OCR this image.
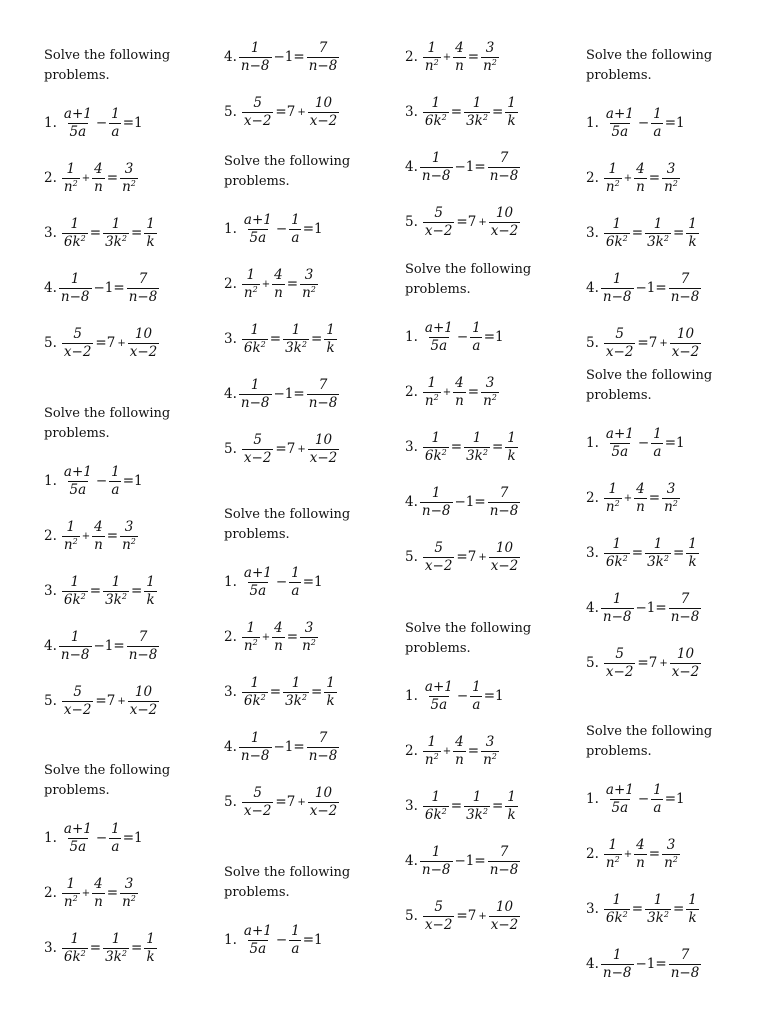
Solve the following
problems.
1. $\frac{a+1}{5a} - \frac{1}{a} =1$
2. $\frac{1}{n^2} + \frac{4}{n} = \frac{3}{n^2}$
3. $\frac{1}{6k^2} = \frac{1}{3k^2} = \frac{1}{k}$
4. $\frac{1}{n-8} -1= \frac{7}{n-8}$
5. $\frac{5}{x-2} =7 + \frac{10}{x-2}$
Solve the following
problems.
1. $\frac{a+1}{5a} - \frac{1}{a} =1$
2. $\frac{1}{n^2} + \frac{4}{n} = \frac{3}{n^2}$
3. $\frac{1}{6k^2} = \frac{1}{3k^2} = \frac{1}{k}$
4. $\frac{1}{n-8} -1= \frac{7}{n-8}$
5. $\frac{5}{x-2} =7 + \frac{10}{x-2}$
Solve the following
problems.
1. $\frac{a+1}{5a} - \frac{1}{a} =1$
2. $\frac{1}{n^2} + \frac{4}{n} = \frac{3}{n^2}$
3. $\frac{1}{6k^2} = \frac{1}{3k^2} = \frac{1}{k}$
4. $\frac{1}{n-8} -1= \frac{7}{n-8}$
5. $\frac{5}{x-2} =7 + \frac{10}{x-2}$
Solve the following
problems.
1. $\frac{a+1}{5a} - \frac{1}{a} =1$
2. $\frac{1}{n^2} + \frac{4}{n} = \frac{3}{n^2}$
3. $\frac{1}{6k^2} = \frac{1}{3k^2} = \frac{1}{k}$
4. $\frac{1}{n-8} -1= \frac{7}{n-8}$
5. $\frac{5}{x-2} =7 + \frac{10}{x-2}$
Solve the following
problems.
1. $\frac{a+1}{5a} - \frac{1}{a} =1$
2. $\frac{1}{n^2} + \frac{4}{n} = \frac{3}{n^2}$
3. $\frac{1}{6k^2} = \frac{1}{3k^2} = \frac{1}{k}$
4. $\frac{1}{n-8} -1= \frac{7}{n-8}$
5. $\frac{5}{x-2} =7 + \frac{10}{x-2}$
Solve the following
problems.
1. $\frac{a+1}{5a} - \frac{1}{a} =1$
2. $\frac{1}{n^2} + \frac{4}{n} = \frac{3}{n^2}$
3. $\frac{1}{6k^2} = \frac{1}{3k^2} = \frac{1}{k}$
4. $\frac{1}{n-8} -1= \frac{7}{n-8}$
5. $\frac{5}{x-2} =7 + \frac{10}{x-2}$
Solve the following
problems.
1. $\frac{a+1}{5a} - \frac{1}{a} =1$
2. $\frac{1}{n^2} + \frac{4}{n} = \frac{3}{n^2}$
3. $\frac{1}{6k^2} = \frac{1}{3k^2} = \frac{1}{k}$
4. $\frac{1}{n-8} -1= \frac{7}{n-8}$
5. $\frac{5}{x-2} =7 + \frac{10}{x-2}$
Solve the following
problems.
1. $\frac{a+1}{5a} - \frac{1}{a} =1$
2. $\frac{1}{n^2} + \frac{4}{n} = \frac{3}{n^2}$
3. $\frac{1}{6k^2} = \frac{1}{3k^2} = \frac{1}{k}$
4. $\frac{1}{n-8} -1= \frac{7}{n-8}$
5. $\frac{5}{x-2} =7 + \frac{10}{x-2}$
Solve the following
problems.
1. $\frac{a+1}{5a} - \frac{1}{a} =1$
2. $\frac{1}{n^2} + \frac{4}{n} = \frac{3}{n^2}$
3. $\frac{1}{6k^2} = \frac{1}{3k^2} = \frac{1}{k}$
4. $\frac{1}{n-8} -1= \frac{7}{n-8}$
5. $\frac{5}{x-2} =7 + \frac{10}{x-2}$
Solve the following
problems.
1. $\frac{a+1}{5a} - \frac{1}{a} =1$
2. $\frac{1}{n^2} + \frac{4}{n} = \frac{3}{n^2}$
3. $\frac{1}{6k^2} = \frac{1}{3k^2} = \frac{1}{k}$
4. $\frac{1}{n-8} -1= \frac{7}{n-8}$
5. $\frac{5}{x-2} =7 + \frac{10}{x-2}$
Solve the following
problems.
1. $\frac{a+1}{5a} - \frac{1}{a} =1$
2. $\frac{1}{n^2} + \frac{4}{n} = \frac{3}{n^2}$
3. $\frac{1}{6k^2} = \frac{1}{3k^2} = \frac{1}{k}$
4. $\frac{1}{n-8} -1= \frac{7}{n-8}$
